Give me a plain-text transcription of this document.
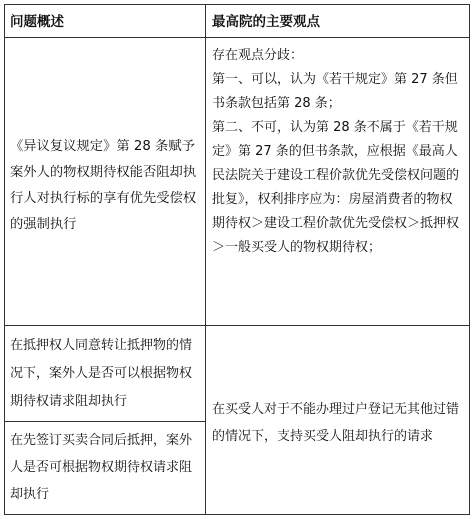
问题概述	最高院的主要观点
《异议复议规定》第 28 条赋予案外人的物权期待权能否阻却执行人对执行标的享有优先受偿权的强制执行
存在观点分歧：
第一、可以，认为《若干规定》第 27 条但书条款包括第 28 条；
第二、不可，认为第 28 条不属于《若干规定》第 27 条的但书条款，应根据《最高人民法院关于建设工程价款优先受偿权问题的批复》，权利排序应为：房屋消费者的物权期待权＞建设工程价款优先受偿权＞抵押权＞一般买受人的物权期待权；
在抵押权人同意转让抵押物的情况下，案外人是否可以根据物权期待权请求阻却执行
在先签订买卖合同后抵押，案外人是否可根据物权期待权请求阻却执行
在买受人对于不能办理过户登记无其他过错的情况下，支持买受人阻却执行的请求
